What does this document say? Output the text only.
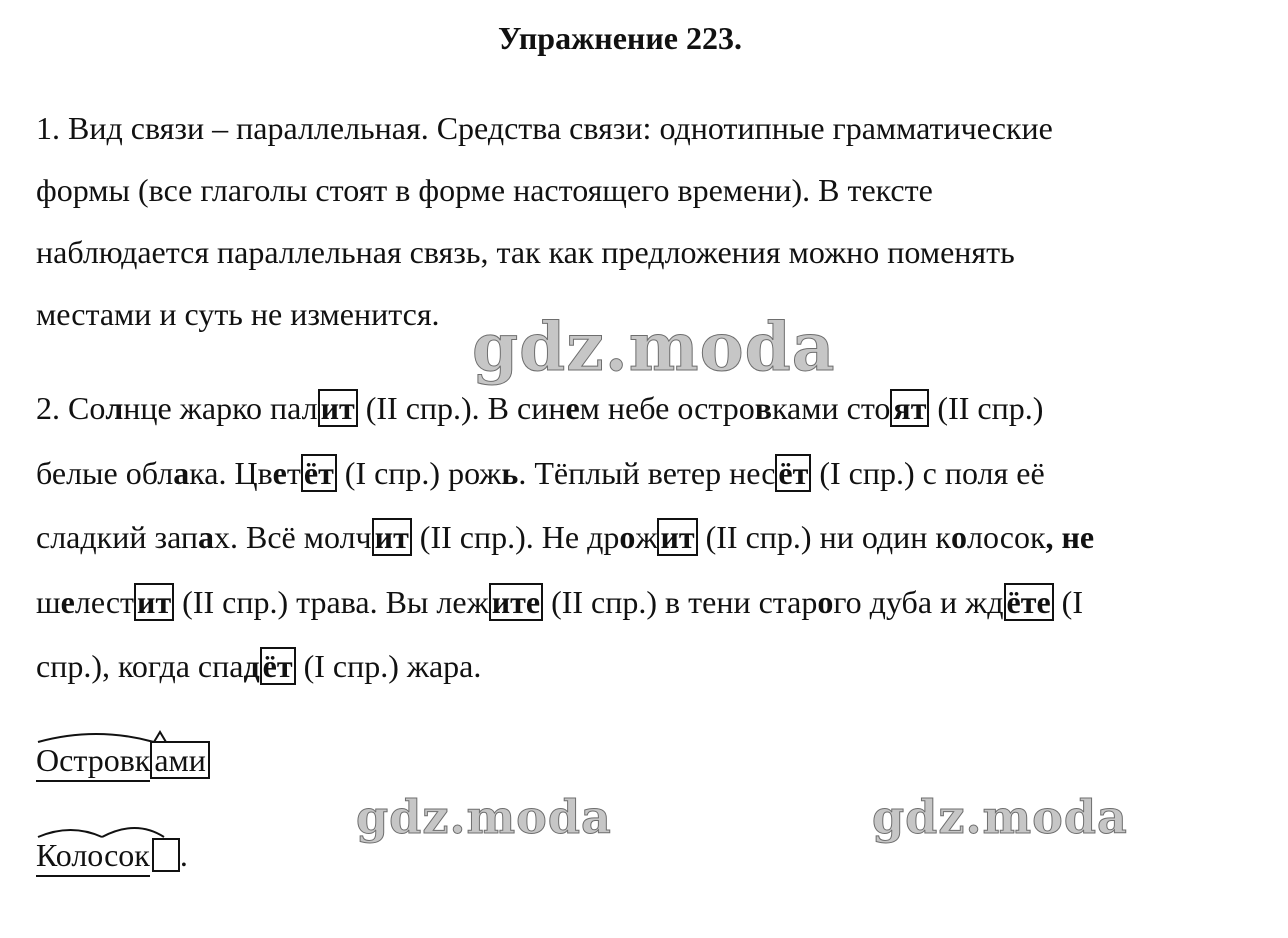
Упражнение 223.
1. Вид связи – параллельная. Средства связи: однотипные грамматические
формы (все глаголы стоят в форме настоящего времени). В тексте
наблюдается параллельная связь, так как предложения можно поменять
местами и суть не изменится.
2. Солнце жарко палит (II спр.). В синем небе островками стоят (II спр.)
белые облака. Цветёт (I спр.) рожь. Тёплый ветер несёт (I спр.) с поля её
сладкий запах. Всё молчит (II спр.). Не дрожит (II спр.) ни один колосок, не
шелестит (II спр.) трава. Вы лежите (II спр.) в тени старого дуба и ждёте (I
спр.), когда спадёт (I спр.) жара.
Островк ами
Колосок .
gdz.moda
gdz.moda	gdz.moda
